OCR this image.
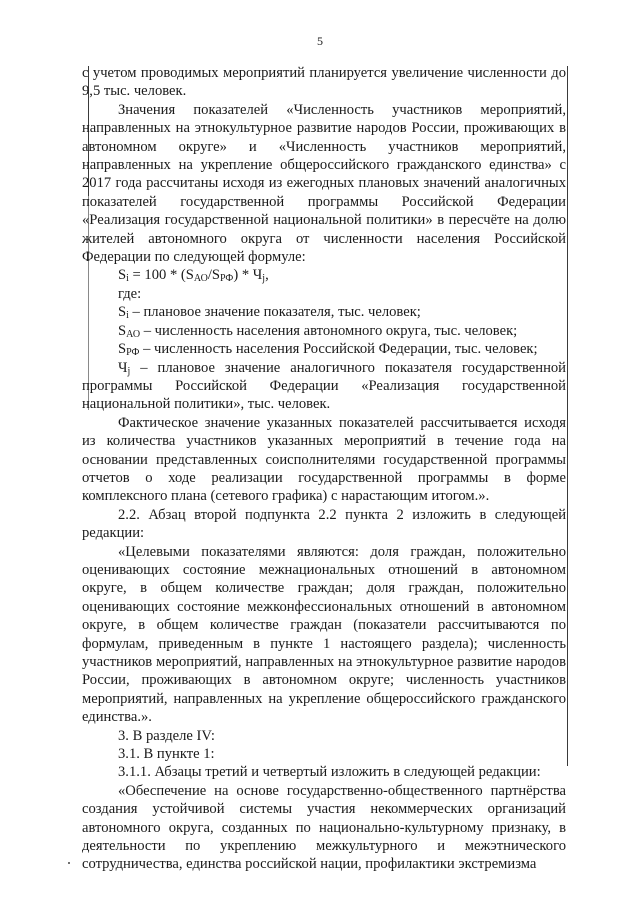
5

с учетом проводимых мероприятий планируется увеличение численности до 9,5 тыс. человек.

Значения показателей «Численность участников мероприятий, направленных на этнокультурное развитие народов России, проживающих в автономном округе» и «Численность участников мероприятий, направленных на укрепление общероссийского гражданского единства» с 2017 года рассчитаны исходя из ежегодных плановых значений аналогичных показателей государственной программы Российской Федерации «Реализация государственной национальной политики» в пересчёте на долю жителей автономного округа от численности населения Российской Федерации по следующей формуле:

$S_i = 100 * (S_{АО}/S_{РФ}) * Ч_j$,

где:

$S_i$ – плановое значение показателя, тыс. человек;

$S_{АО}$ – численность населения автономного округа, тыс. человек;

$S_{РФ}$ – численность населения Российской Федерации, тыс. человек;

$Ч_j$ – плановое значение аналогичного показателя государственной программы Российской Федерации «Реализация государственной национальной политики», тыс. человек.

Фактическое значение указанных показателей рассчитывается исходя из количества участников указанных мероприятий в течение года на основании представленных соисполнителями государственной программы отчетов о ходе реализации государственной программы в форме комплексного плана (сетевого графика) с нарастающим итогом.».

2.2. Абзац второй подпункта 2.2 пункта 2 изложить в следующей редакции:

«Целевыми показателями являются: доля граждан, положительно оценивающих состояние межнациональных отношений в автономном округе, в общем количестве граждан; доля граждан, положительно оценивающих состояние межконфессиональных отношений в автономном округе, в общем количестве граждан (показатели рассчитываются по формулам, приведенным в пункте 1 настоящего раздела); численность участников мероприятий, направленных на этнокультурное развитие народов России, проживающих в автономном округе; численность участников мероприятий, направленных на укрепление общероссийского гражданского единства.».

3. В разделе IV:

3.1. В пункте 1:

3.1.1. Абзацы третий и четвертый изложить в следующей редакции:

«Обеспечение на основе государственно-общественного партнёрства создания устойчивой системы участия некоммерческих организаций автономного округа, созданных по национально-культурному признаку, в деятельности по укреплению межкультурного и межэтнического сотрудничества, единства российской нации, профилактики экстремизма
